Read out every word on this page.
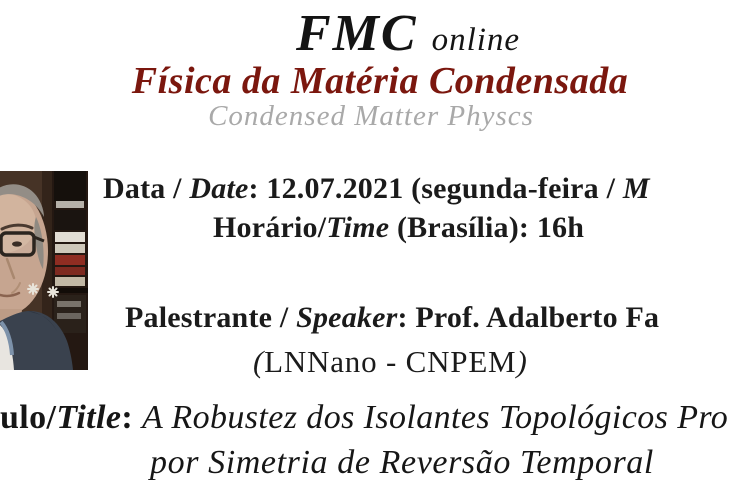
FMC online
Física da Matéria Condensada
Condensed Matter Physcs
Data / Date: 12.07.2021 (segunda-feira / M
Horário/Time (Brasília): 16h
Palestrante / Speaker: Prof. Adalberto Fa
(LNNano - CNPEM)
ulo/Title: A Robustez dos Isolantes Topológicos Pro
por Simetria de Reversão Temporal
